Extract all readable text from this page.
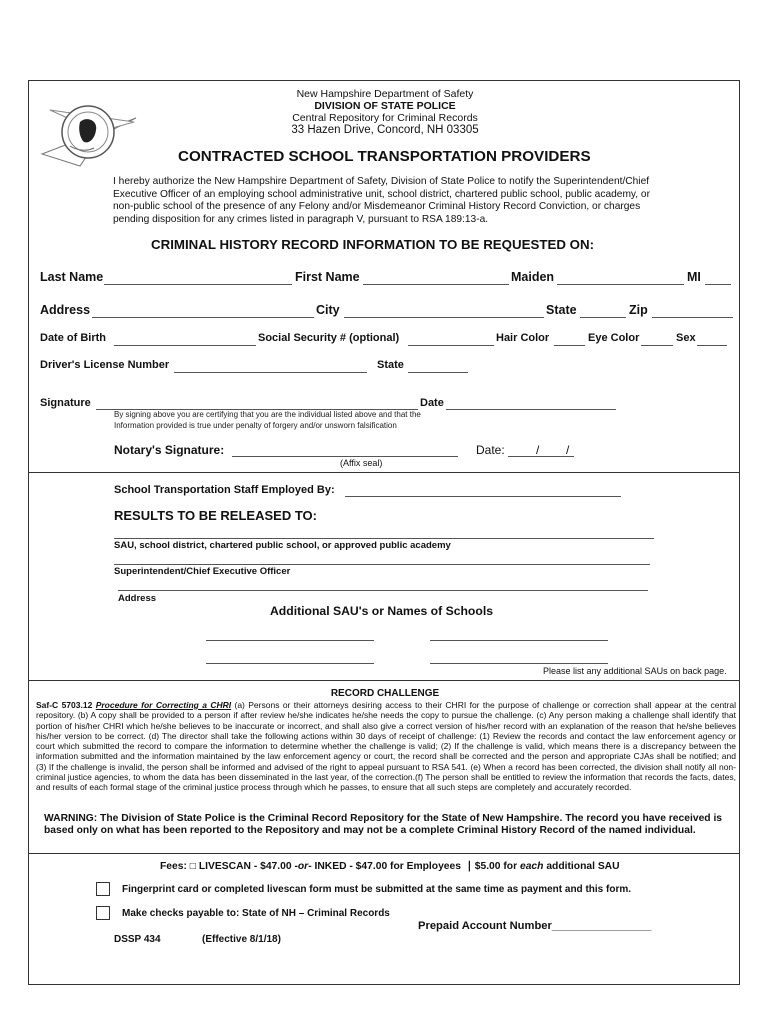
New Hampshire Department of Safety
DIVISION OF STATE POLICE
Central Repository for Criminal Records
33 Hazen Drive, Concord, NH 03305
CONTRACTED SCHOOL TRANSPORTATION PROVIDERS
I hereby authorize the New Hampshire Department of Safety, Division of State Police to notify the Superintendent/Chief Executive Officer of an employing school administrative unit, school district, chartered public school, public academy, or non-public school of the presence of any Felony and/or Misdemeanor Criminal History Record Conviction, or charges pending disposition for any crimes listed in paragraph V, pursuant to RSA 189:13-a.
CRIMINAL HISTORY RECORD INFORMATION TO BE REQUESTED ON:
Last Name	First Name	Maiden	MI
Address	City	State	Zip
Date of Birth	Social Security # (optional)	Hair Color	Eye Color	Sex
Driver's License Number	State
Signature	Date
By signing above you are certifying that you are the individual listed above and that the
Information provided is true under penalty of forgery and/or unsworn falsification
Notary's Signature:	Date:	/ /
(Affix seal)
School Transportation Staff Employed By:
RESULTS TO BE RELEASED TO:
SAU, school district, chartered public school, or approved public academy
Superintendent/Chief Executive Officer
Address
Additional SAU's or Names of Schools
Please list any additional SAUs on back page.
RECORD CHALLENGE
Saf-C 5703.12 Procedure for Correcting a CHRI (a) Persons or their attorneys desiring access to their CHRI for the purpose of challenge or correction shall appear at the central repository. (b) A copy shall be provided to a person if after review he/she indicates he/she needs the copy to pursue the challenge. (c) Any person making a challenge shall identify that portion of his/her CHRI which he/she believes to be inaccurate or incorrect, and shall also give a correct version of his/her record with an explanation of the reason that he/she believes his/her version to be correct. (d) The director shall take the following actions within 30 days of receipt of challenge: (1) Review the records and contact the law enforcement agency or court which submitted the record to compare the information to determine whether the challenge is valid; (2) If the challenge is valid, which means there is a discrepancy between the information submitted and the information maintained by the law enforcement agency or court, the record shall be corrected and the person and appropriate CJAs shall be notified; and (3) If the challenge is invalid, the person shall be informed and advised of the right to appeal pursuant to RSA 541. (e) When a record has been corrected, the division shall notify all non-criminal justice agencies, to whom the data has been disseminated in the last year, of the correction.(f) The person shall be entitled to review the information that records the facts, dates, and results of each formal stage of the criminal justice process through which he passes, to ensure that all such steps are completely and accurately recorded.
WARNING: The Division of State Police is the Criminal Record Repository for the State of New Hampshire. The record you have received is based only on what has been reported to the Repository and may not be a complete Criminal History Record of the named individual.
Fees: □ LIVESCAN - $47.00 -or- INKED - $47.00 for Employees  ∣ $5.00 for each additional SAU
Fingerprint card or completed livescan form must be submitted at the same time as payment and this form.
Make checks payable to: State of NH – Criminal Records
Prepaid Account Number________________
DSSP 434	(Effective 8/1/18)
